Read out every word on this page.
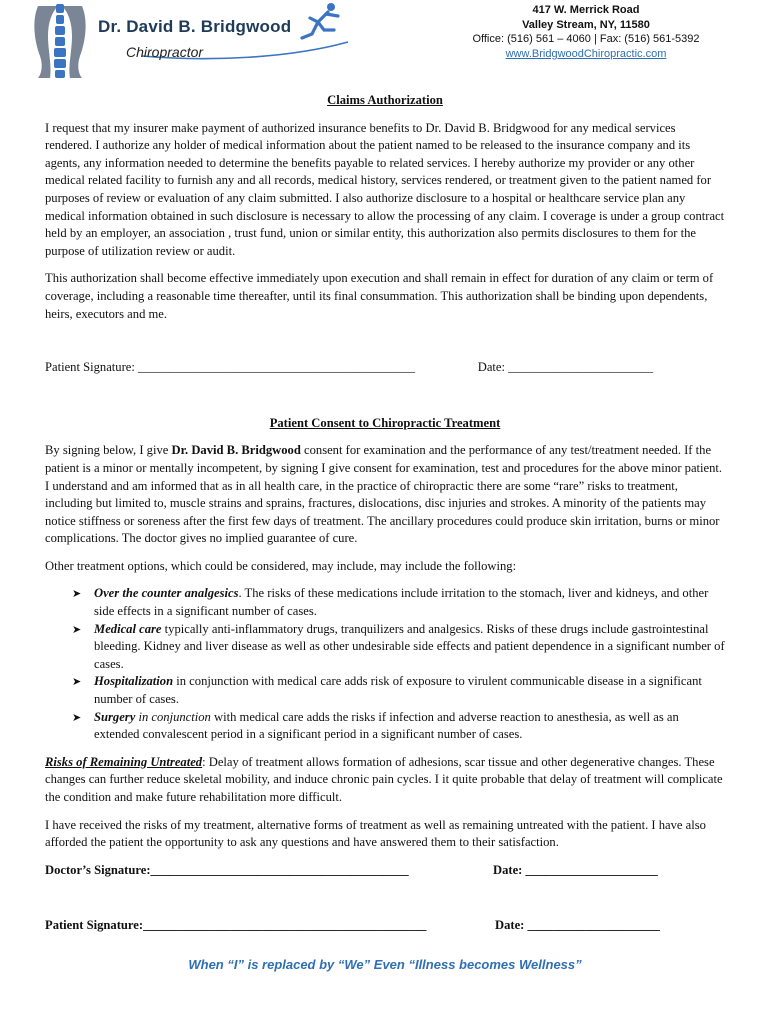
Dr. David B. Bridgwood
Chiropractor
417 W. Merrick Road
Valley Stream, NY, 11580
Office: (516) 561 – 4060 | Fax: (516) 561-5392
www.BridgwoodChiropractic.com
Claims Authorization

I request that my insurer make payment of authorized insurance benefits to Dr. David B. Bridgwood for any medical services rendered. I authorize any holder of medical information about the patient named to be released to the insurance company and its agents, any information needed to determine the benefits payable to related services. I hereby authorize my provider or any other medical related facility to furnish any and all records, medical history, services rendered, or treatment given to the patient named for purposes of review or evaluation of any claim submitted. I also authorize disclosure to a hospital or healthcare service plan any medical information obtained in such disclosure is necessary to allow the processing of any claim. I coverage is under a group contract held by an employer, an association , trust fund, union or similar entity, this authorization also permits disclosures to them for the purpose of utilization review or audit.

This authorization shall become effective immediately upon execution and shall remain in effect for duration of any claim or term of coverage, including a reasonable time thereafter, until its final consummation. This authorization shall be binding upon dependents, heirs, executors and me.

Patient Signature: ____________________________________________	Date: _______________________
Patient Consent to Chiropractic Treatment

By signing below, I give Dr. David B. Bridgwood consent for examination and the performance of any test/treatment needed. If the patient is a minor or mentally incompetent, by signing I give consent for examination, test and procedures for the above minor patient. I understand and am informed that as in all health care, in the practice of chiropractic there are some “rare” risks to treatment, including but limited to, muscle strains and sprains, fractures, dislocations, disc injuries and strokes. A minority of the patients may notice stiffness or soreness after the first few days of treatment. The ancillary procedures could produce skin irritation, burns or minor complications. The doctor gives no implied guarantee of cure.

Other treatment options, which could be considered, may include, may include the following:

➤ Over the counter analgesics. The risks of these medications include irritation to the stomach, liver and kidneys, and other side effects in a significant number of cases.
➤ Medical care typically anti-inflammatory drugs, tranquilizers and analgesics. Risks of these drugs include gastrointestinal bleeding. Kidney and liver disease as well as other undesirable side effects and patient dependence in a significant number of cases.
➤ Hospitalization in conjunction with medical care adds risk of exposure to virulent communicable disease in a significant number of cases.
➤ Surgery in conjunction with medical care adds the risks if infection and adverse reaction to anesthesia, as well as an extended convalescent period in a significant period in a significant number of cases.

Risks of Remaining Untreated: Delay of treatment allows formation of adhesions, scar tissue and other degenerative changes. These changes can further reduce skeletal mobility, and induce chronic pain cycles. I it quite probable that delay of treatment will complicate the condition and make future rehabilitation more difficult.

I have received the risks of my treatment, alternative forms of treatment as well as remaining untreated with the patient. I have also afforded the patient the opportunity to ask any questions and have answered them to their satisfaction.

Doctor’s Signature:_________________________________________	Date: _____________________
Patient Signature:_____________________________________________	Date: _____________________
When “I” is replaced by “We” Even “Illness becomes Wellness”
